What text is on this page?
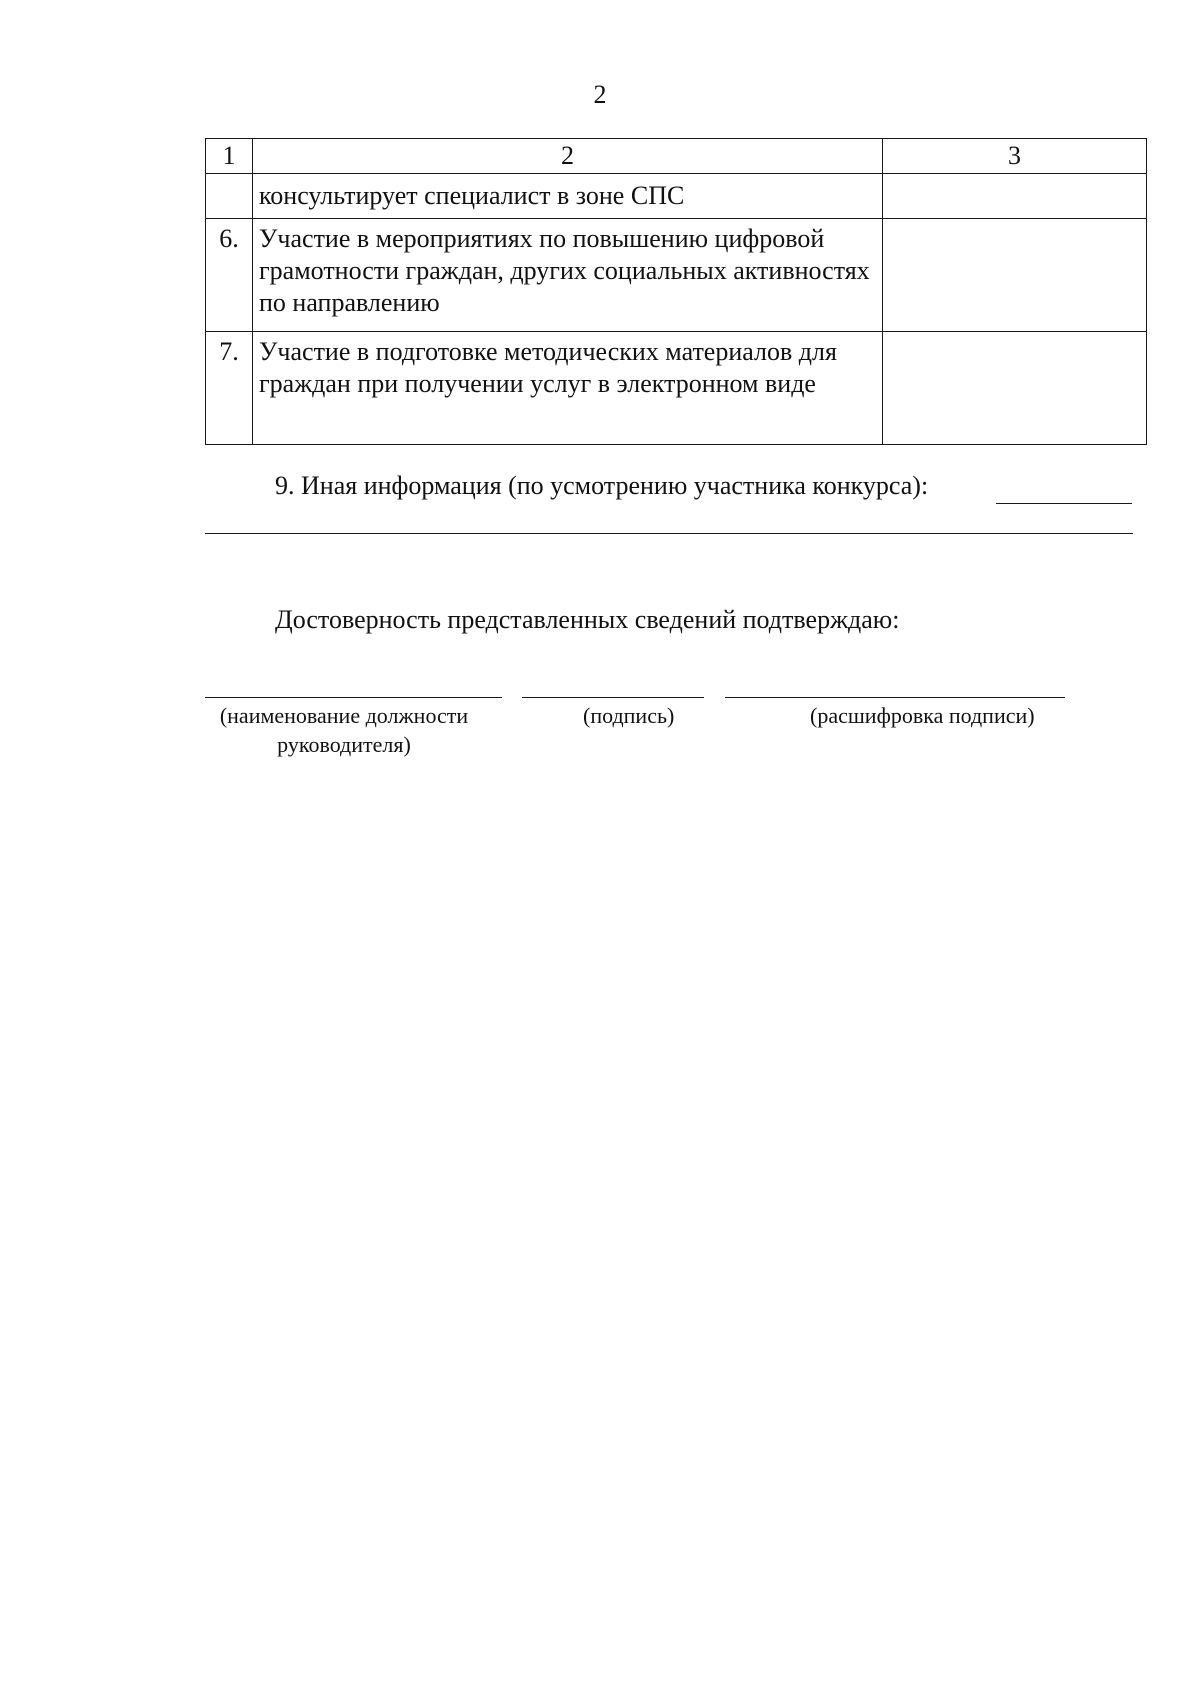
2
1	2	3
	консультирует специалист в зоне СПС	
6.	Участие в мероприятиях по повышению цифровой грамотности граждан, других социальных активностях по направлению	
7.	Участие в подготовке методических материалов для граждан при получении услуг в электронном виде	
9. Иная информация (по усмотрению участника конкурса):
Достоверность представленных сведений подтверждаю:
(наименование должности руководителя)
(подпись)	(расшифровка подписи)
